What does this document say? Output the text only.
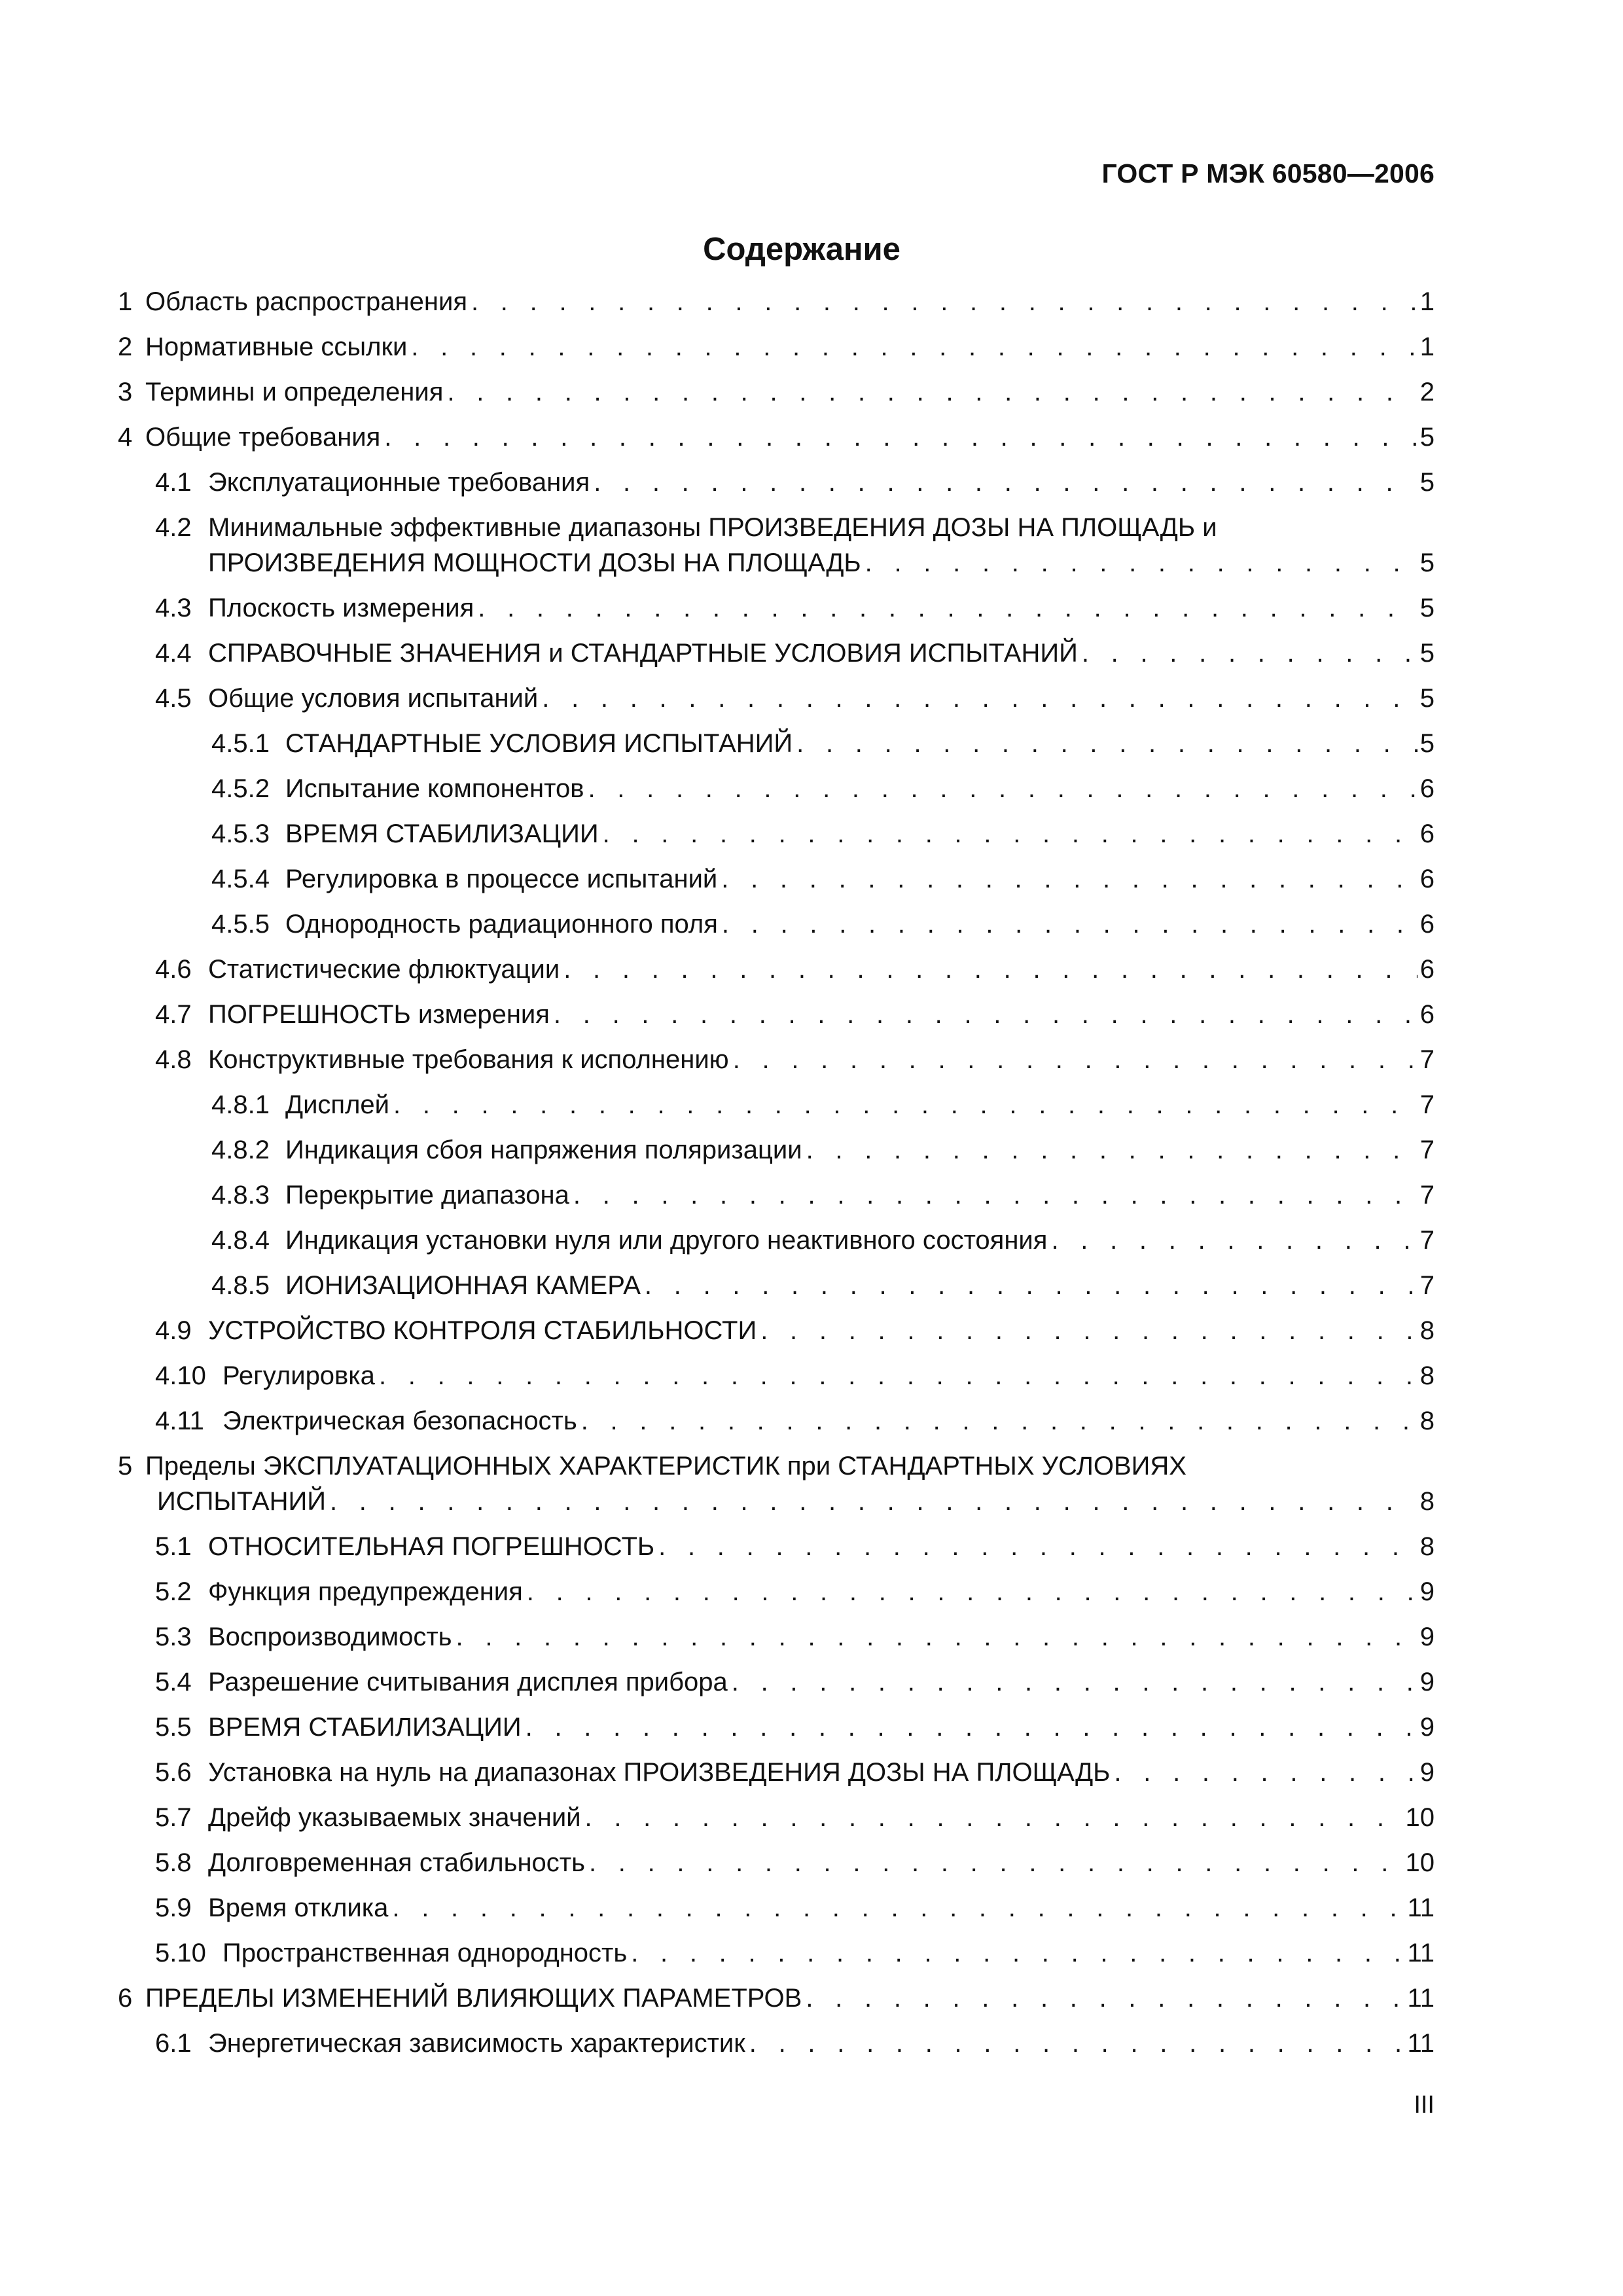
ГОСТ Р МЭК 60580—2006
Содержание
1 Область распространения . . .	1
2 Нормативные ссылки . . .	1
3 Термины и определения . . .	2
4 Общие требования . . .	5
4.1 Эксплуатационные требования . . .	5
4.2 Минимальные эффективные диапазоны ПРОИЗВЕДЕНИЯ ДОЗЫ НА ПЛОЩАДЬ и
ПРОИЗВЕДЕНИЯ МОЩНОСТИ ДОЗЫ НА ПЛОЩАДЬ . . .	5
4.3 Плоскость измерения . . .	5
4.4 СПРАВОЧНЫЕ ЗНАЧЕНИЯ и СТАНДАРТНЫЕ УСЛОВИЯ ИСПЫТАНИЙ . . .	5
4.5 Общие условия испытаний . . .	5
4.5.1 СТАНДАРТНЫЕ УСЛОВИЯ ИСПЫТАНИЙ . . .	5
4.5.2 Испытание компонентов . . .	6
4.5.3 ВРЕМЯ СТАБИЛИЗАЦИИ . . .	6
4.5.4 Регулировка в процессе испытаний . . .	6
4.5.5 Однородность радиационного поля . . .	6
4.6 Статистические флюктуации . . .	6
4.7 ПОГРЕШНОСТЬ измерения . . .	6
4.8 Конструктивные требования к исполнению . . .	7
4.8.1 Дисплей . . .	7
4.8.2 Индикация сбоя напряжения поляризации . . .	7
4.8.3 Перекрытие диапазона . . .	7
4.8.4 Индикация установки нуля или другого неактивного состояния . . .	7
4.8.5 ИОНИЗАЦИОННАЯ КАМЕРА . . .	7
4.9 УСТРОЙСТВО КОНТРОЛЯ СТАБИЛЬНОСТИ . . .	8
4.10 Регулировка . . .	8
4.11 Электрическая безопасность . . .	8
5 Пределы ЭКСПЛУАТАЦИОННЫХ ХАРАКТЕРИСТИК при СТАНДАРТНЫХ УСЛОВИЯХ
ИСПЫТАНИЙ . . .	8
5.1 ОТНОСИТЕЛЬНАЯ ПОГРЕШНОСТЬ . . .	8
5.2 Функция предупреждения . . .	9
5.3 Воспроизводимость . . .	9
5.4 Разрешение считывания дисплея прибора . . .	9
5.5 ВРЕМЯ СТАБИЛИЗАЦИИ . . .	9
5.6 Установка на нуль на диапазонах ПРОИЗВЕДЕНИЯ ДОЗЫ НА ПЛОЩАДЬ . . .	9
5.7 Дрейф указываемых значений . . .	10
5.8 Долговременная стабильность . . .	10
5.9 Время отклика . . .	11
5.10 Пространственная однородность . . .	11
6 ПРЕДЕЛЫ ИЗМЕНЕНИЙ ВЛИЯЮЩИХ ПАРАМЕТРОВ . . .	11
6.1 Энергетическая зависимость характеристик . . .	11
III
